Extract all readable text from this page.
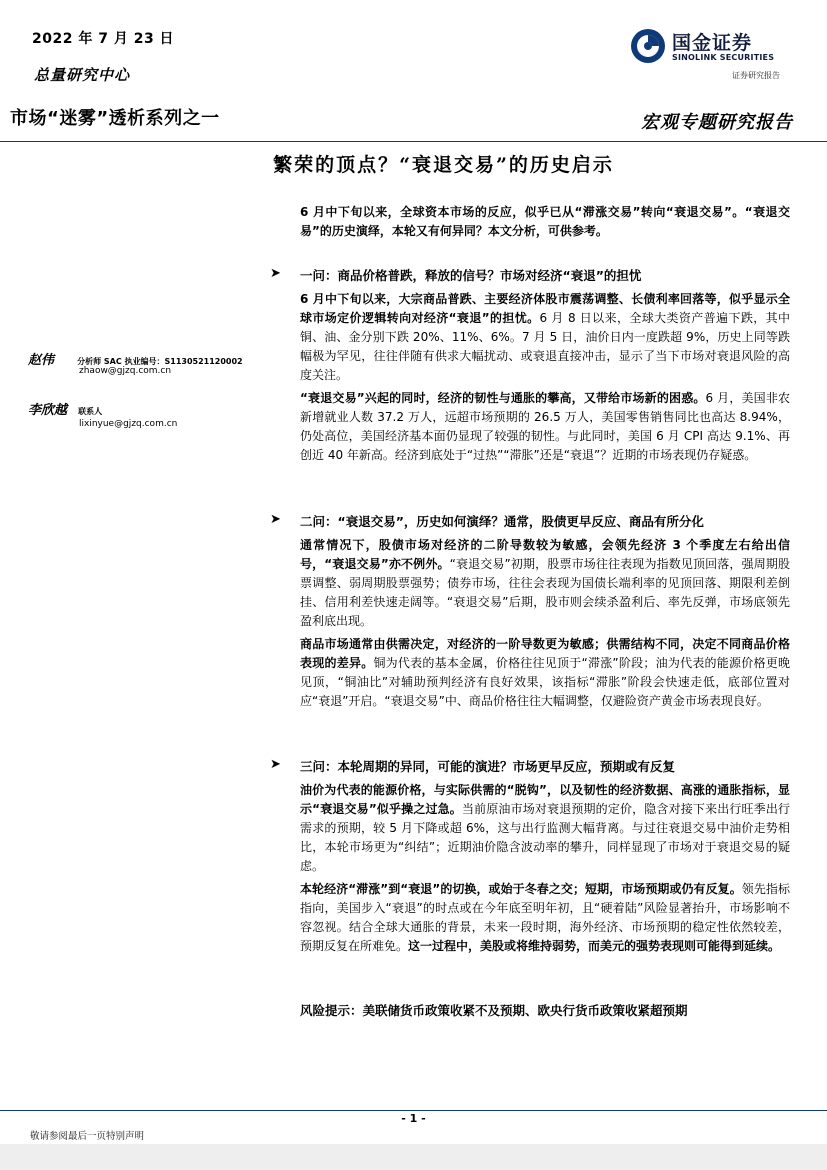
2022 年 7 月 23 日
总量研究中心
国金证券
SINOLINK SECURITIES
证券研究报告
市场“迷雾”透析系列之一	宏观专题研究报告
繁荣的顶点？“衰退交易”的历史启示
6 月中下旬以来，全球资本市场的反应，似乎已从“滞涨交易”转向“衰退交易”。“衰退交易”的历史演绎，本轮又有何异同？本文分析，可供参考。
赵伟	分析师 SAC 执业编号：S1130521120002
zhaow@gjzq.com.cn
李欣越 联系人
lixinyue@gjzq.com.cn
➤ 一问：商品价格普跌，释放的信号？市场对经济“衰退”的担忧

6 月中下旬以来，大宗商品普跌、主要经济体股市震荡调整、长债利率回落等，似乎显示全球市场定价逻辑转向对经济“衰退”的担忧。6 月 8 日以来，全球大类资产普遍下跌，其中 铜、油、金分别下跌 20%、11%、6%。7 月 5 日，油价日内一度跌超 9%，历史上同等跌幅极为罕见，往往伴随有供求大幅扰动、或衰退直接冲击，显示了当下市场对衰退风险的高度关注。

“衰退交易”兴起的同时，经济的韧性与通胀的攀高，又带给市场新的困惑。6 月，美国非农新增就业人数 37.2 万人，远超市场预期的 26.5 万人，美国零售销售同比也高达 8.94%，仍处高位，美国经济基本面仍显现了较强的韧性。与此同时，美国 6 月 CPI 高达 9.1%、再创近 40 年新高。经济到底处于“过热”“滞胀”还是“衰退”？近期的市场表现仍存疑惑。

➤ 二问：“衰退交易”，历史如何演绎？通常，股债更早反应、商品有所分化

通常情况下，股债市场对经济的二阶导数较为敏感，会领先经济 3 个季度左右给出信号，“衰退交易”亦不例外。“衰退交易”初期，股票市场往往表现为指数见顶回落，强周期股票调整、弱周期股票强势；债券市场，往往会表现为国债长端利率的见顶回落、期限利差倒挂、信用利差快速走阔等。“衰退交易”后期，股市则会续杀盈利后、率先反弹，市场底领先盈利底出现。

商品市场通常由供需决定，对经济的一阶导数更为敏感；供需结构不同，决定不同商品价格表现的差异。铜为代表的基本金属，价格往往见顶于“滞涨”阶段；油为代表的能源价格更晚见顶，“铜油比”对辅助预判经济有良好效果，该指标“滞胀”阶段会快速走低，底部位置对应“衰退”开启。“衰退交易”中、商品价格往往大幅调整，仅避险资产黄金市场表现良好。

➤ 三问：本轮周期的异同，可能的演进？市场更早反应，预期或有反复

油价为代表的能源价格，与实际供需的“脱钩”，以及韧性的经济数据、高涨的通胀指标，显示“衰退交易”似乎操之过急。当前原油市场对衰退预期的定价，隐含对接下来出行旺季出行需求的预期，较 5 月下降或超 6%，这与出行监测大幅背离。与过往衰退交易中油价走势相比，本轮市场更为“纠结”；近期油价隐含波动率的攀升，同样显现了市场对于衰退交易的疑虑。

本轮经济“滞涨”到“衰退”的切换，或始于冬春之交；短期，市场预期或仍有反复。领先指标指向，美国步入“衰退”的时点或在今年底至明年初，且“硬着陆”风险显著抬升，市场影响不容忽视。结合全球大通胀的背景，未来一段时期，海外经济、市场预期的稳定性依然较差，预期反复在所难免。这一过程中，美股或将维持弱势，而美元的强势表现则可能得到延续。

风险提示：美联储货币政策收紧不及预期、欧央行货币政策收紧超预期
- 1 -
敬请参阅最后一页特别声明
